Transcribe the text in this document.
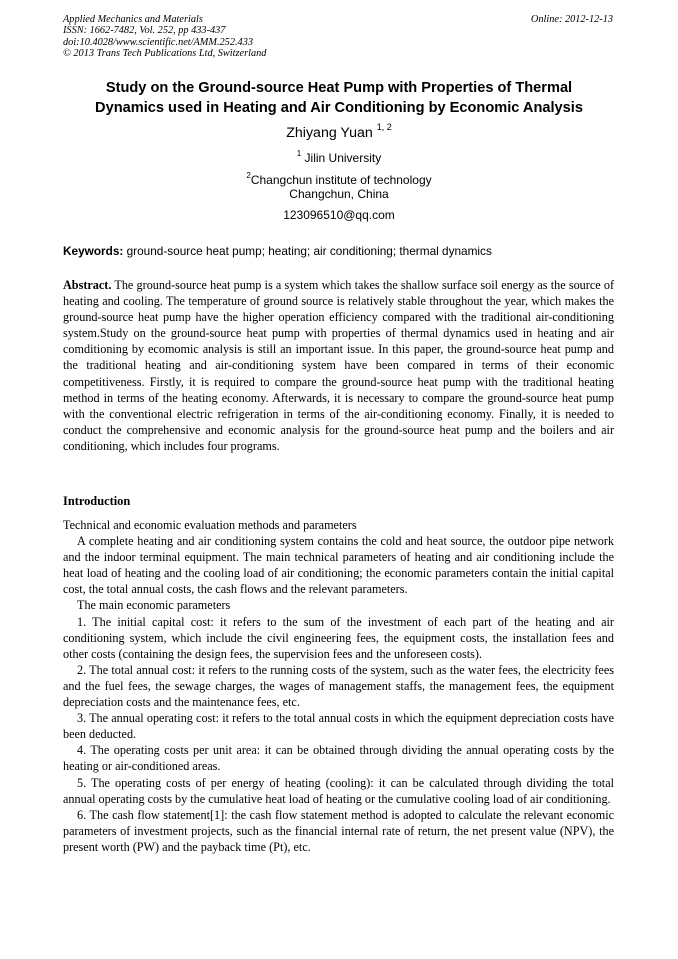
Applied Mechanics and Materials
ISSN: 1662-7482, Vol. 252, pp 433-437
doi:10.4028/www.scientific.net/AMM.252.433
© 2013 Trans Tech Publications Ltd, Switzerland
Online: 2012-12-13
Study on the Ground-source Heat Pump with Properties of Thermal
Dynamics used in Heating and Air Conditioning by Economic Analysis
Zhiyang Yuan $^{1, 2}$
$^1$ Jilin University
$^2$Changchun institute of technology
Changchun, China
123096510@qq.com
Keywords: ground-source heat pump; heating; air conditioning; thermal dynamics
Abstract. The ground-source heat pump is a system which takes the shallow surface soil energy as the source of heating and cooling. The temperature of ground source is relatively stable throughout the year, which makes the ground-source heat pump have the higher operation efficiency compared with the traditional air-conditioning system.Study on the ground-source heat pump with properties of thermal dynamics used in heating and air comditioning by ecomomic analysis is still an important issue. In this paper, the ground-source heat pump and the traditional heating and air-conditioning system have been compared in terms of their economic competitiveness. Firstly, it is required to compare the ground-source heat pump with the traditional heating method in terms of the heating economy. Afterwards, it is necessary to compare the ground-source heat pump with the conventional electric refrigeration in terms of the air-conditioning economy. Finally, it is needed to conduct the comprehensive and economic analysis for the ground-source heat pump and the boilers and air conditioning, which includes four programs.
Introduction

Technical and economic evaluation methods and parameters

A complete heating and air conditioning system contains the cold and heat source, the outdoor pipe network and the indoor terminal equipment. The main technical parameters of heating and air conditioning include the heat load of heating and the cooling load of air conditioning; the economic parameters contain the initial capital cost, the total annual costs, the cash flows and the relevant parameters.

The main economic parameters

1. The initial capital cost: it refers to the sum of the investment of each part of the heating and air conditioning system, which include the civil engineering fees, the equipment costs, the installation fees and other costs (containing the design fees, the supervision fees and the unforeseen costs).

2. The total annual cost: it refers to the running costs of the system, such as the water fees, the electricity fees and the fuel fees, the sewage charges, the wages of management staffs, the management fees, the equipment depreciation costs and the maintenance fees, etc.

3. The annual operating cost: it refers to the total annual costs in which the equipment depreciation costs have been deducted.

4. The operating costs per unit area: it can be obtained through dividing the annual operating costs by the heating or air-conditioned areas.

5. The operating costs of per energy of heating (cooling): it can be calculated through dividing the total annual operating costs by the cumulative heat load of heating or the cumulative cooling load of air conditioning.

6. The cash flow statement[1]: the cash flow statement method is adopted to calculate the relevant economic parameters of investment projects, such as the financial internal rate of return, the net present value (NPV), the present worth (PW) and the payback time (Pt), etc.
